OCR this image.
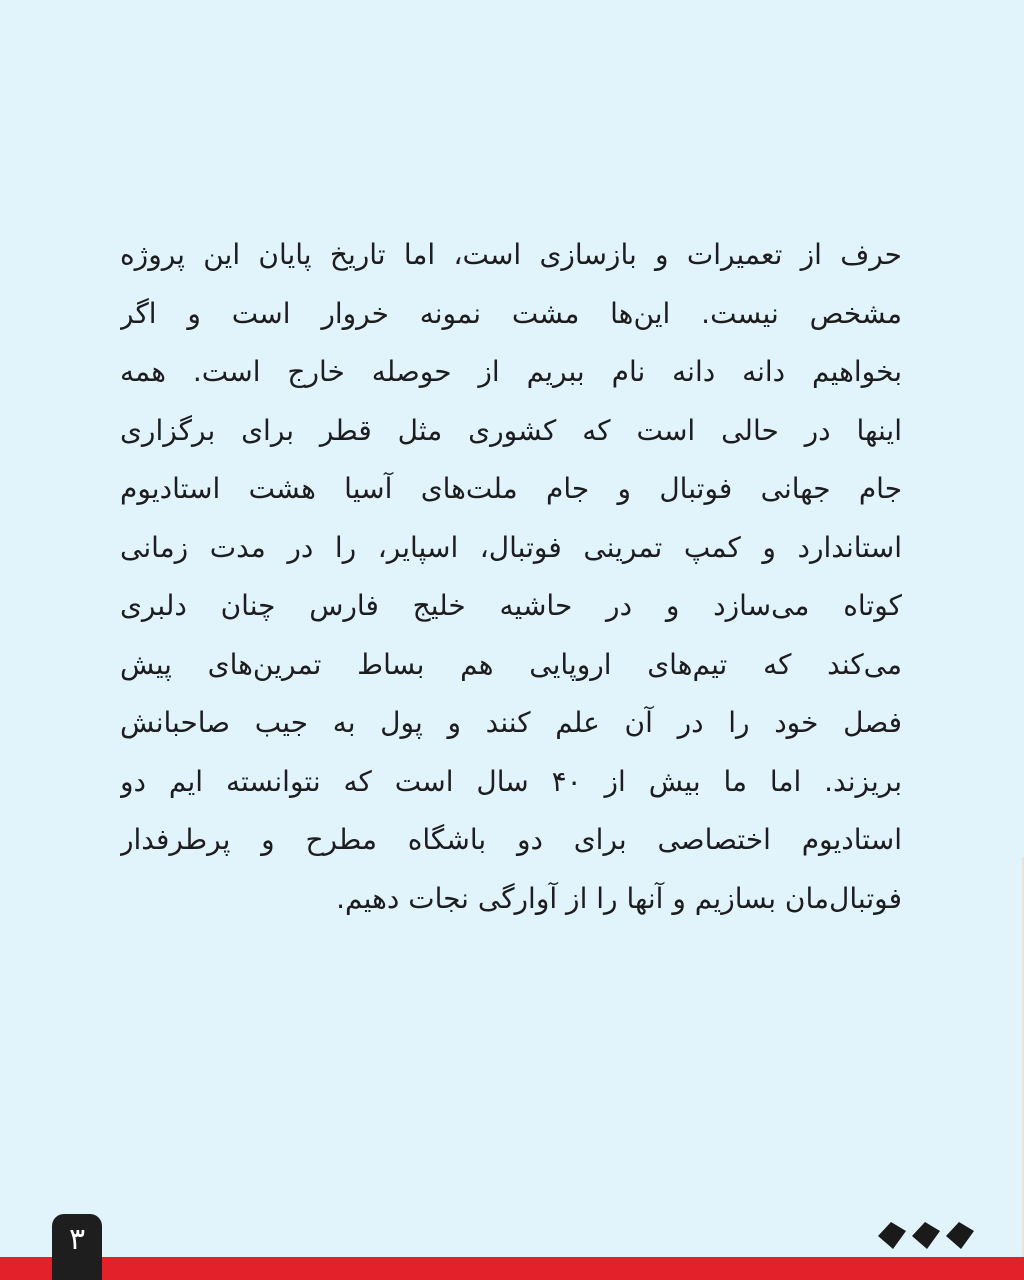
حرف از تعمیرات و بازسازی است، اما تاریخ پایان این پروژه
مشخص نیست. این‌ها مشت نمونه خروار است و اگر
بخواهیم دانه دانه نام ببریم از حوصله خارج است. همه
اینها در حالی است که کشوری مثل قطر برای برگزاری
جام جهانی فوتبال و جام ملت‌های آسیا هشت استادیوم
استاندارد و کمپ تمرینی فوتبال، اسپایر، را در مدت زمانی
کوتاه می‌سازد و در حاشیه خلیج فارس چنان دلبری
می‌کند که تیم‌های اروپایی هم بساط تمرین‌های پیش
فصل خود را در آن علم کنند و پول به جیب صاحبانش
بریزند. اما ما بیش از ۴۰ سال است که نتوانسته ایم دو
استادیوم اختصاصی برای دو باشگاه مطرح و پرطرفدار
فوتبال‌مان بسازیم و آنها را از آوارگی نجات دهیم.
۳
